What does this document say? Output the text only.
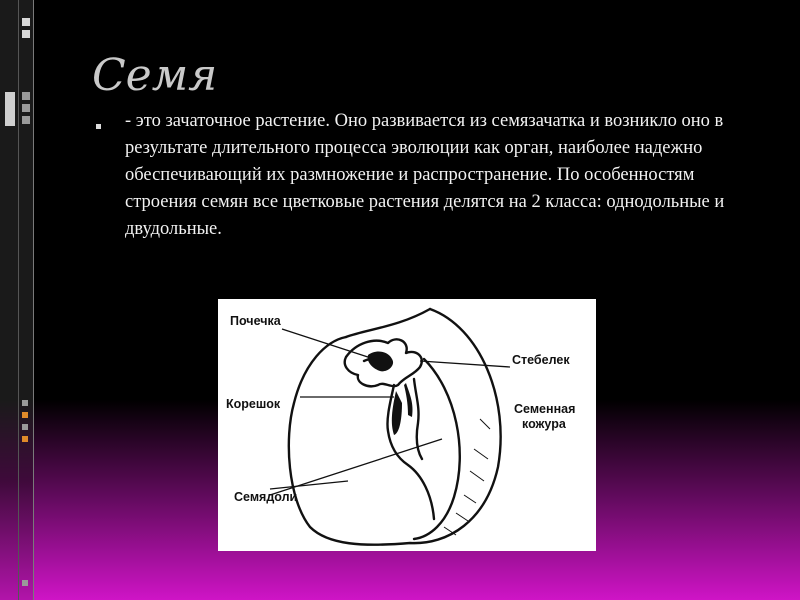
Семя

- это зачаточное растение. Оно развивается из семязачатка и возникло оно в результате длительного процесса эволюции как орган, наиболее надежно обеспечивающий их размножение и распространение. По особенностям строения семян все цветковые растения делятся на 2 класса: однодольные и двудольные.

Почечка
Стебелек
Корешок	Семенная
кожура
Семядоли
